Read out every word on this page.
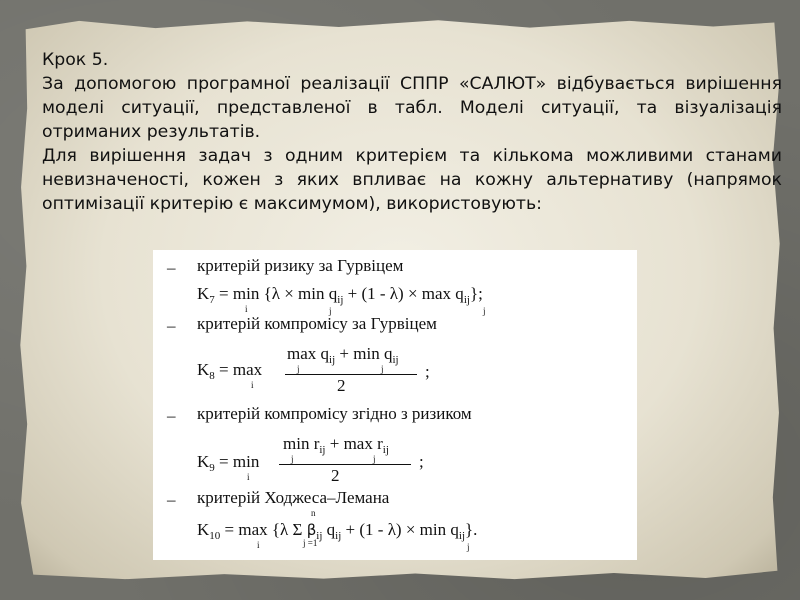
Крок 5.

За допомогою програмної реалізації СППР «САЛЮТ» відбувається вирішення моделі ситуації, представленої в табл. Моделі ситуації, та візуалізація отриманих результатів.

Для вирішення задач з одним критерієм та кількома можливими станами невизначеності, кожен з яких впливає на кожну альтернативу (напрямок оптимізації критерію є максимумом), використовують:

– критерій ризику за Гурвіцем
$K_7 = \min \{\lambda \times \min q_{ij} + (1 - \lambda) \times \max q_{ij}\}$;
i	j	j
– критерій компромісу за Гурвіцем
$\max q_{ij} + \min q_{ij}$
j	j
$K_8 = \max$
i
;
2
– критерій компромісу згідно з ризиком
$\min r_{ij} + \max r_{ij}$
j	j
$K_9 = \min$
i
;
2
– критерій Ходжеса–Лемана
n
$K_{10} = \max \{\lambda$ Σ $\beta_{ij}$ $q_{ij} + (1 - \lambda) \times \min q_{ij}$}.
i	j =1	j
